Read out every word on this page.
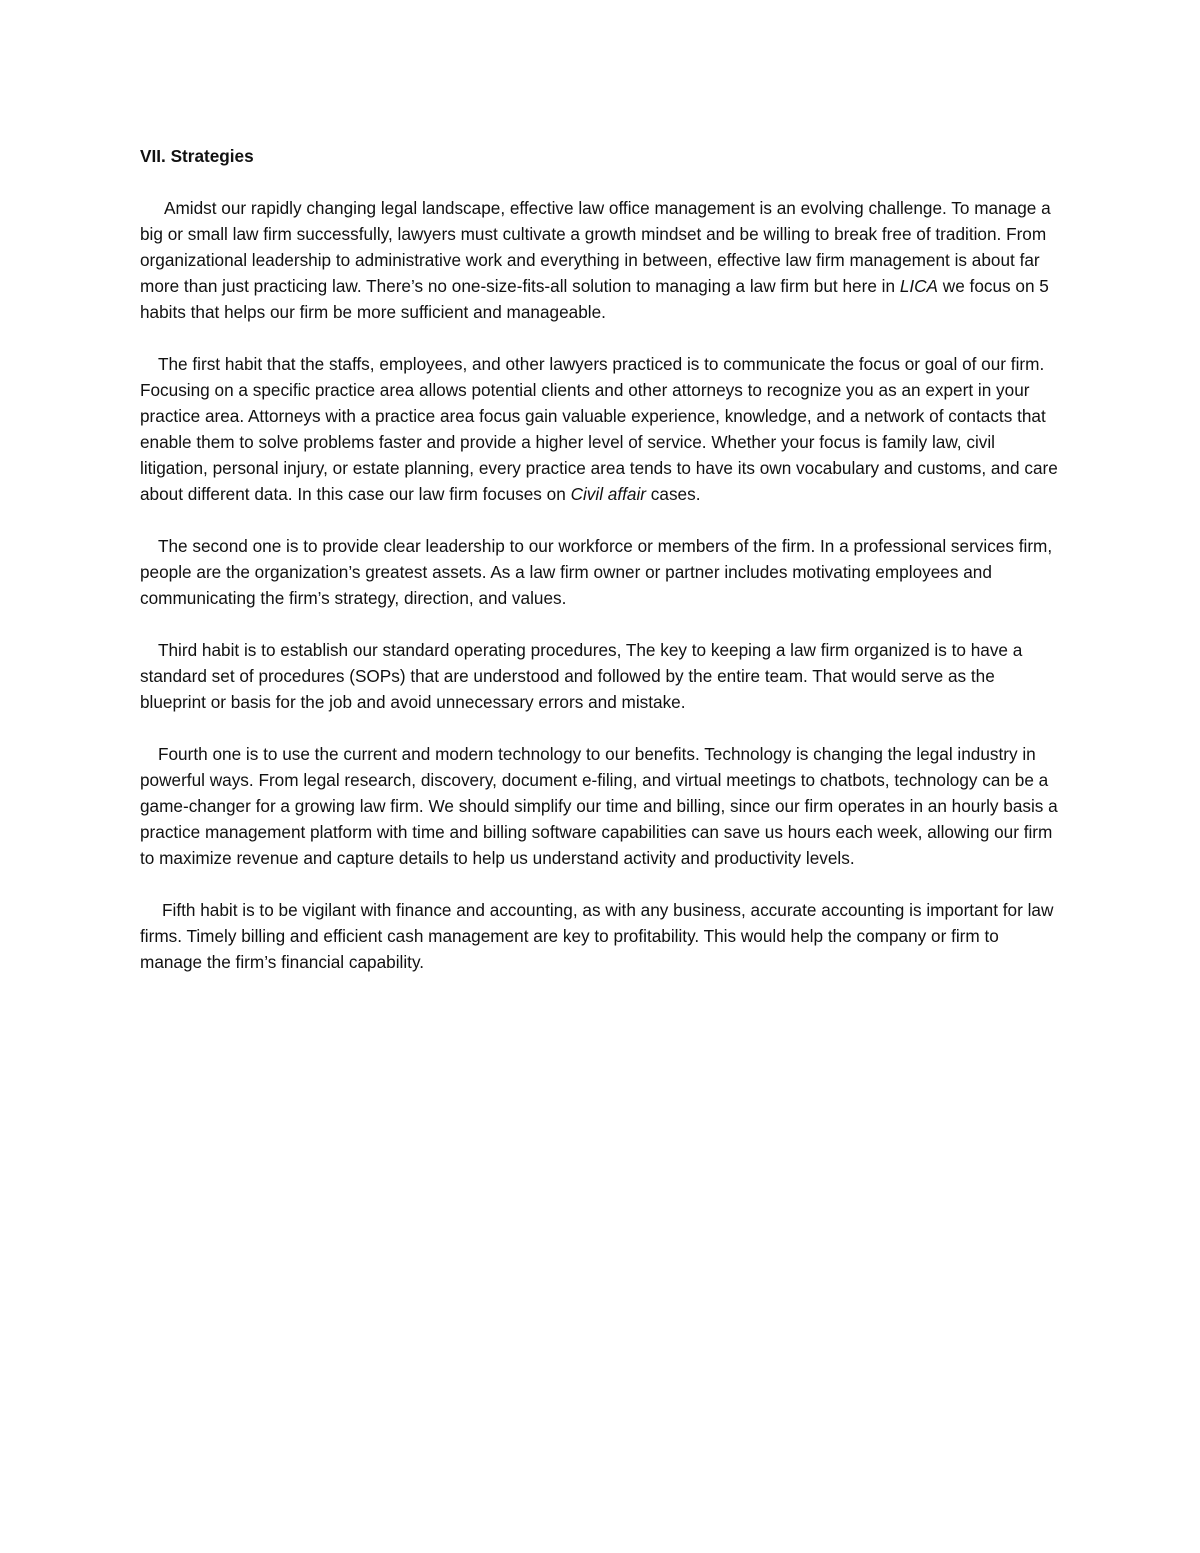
VII. Strategies

Amidst our rapidly changing legal landscape, effective law office management is an evolving challenge. To manage a big or small law firm successfully, lawyers must cultivate a growth mindset and be willing to break free of tradition. From organizational leadership to administrative work and everything in between, effective law firm management is about far more than just practicing law. There’s no one-size-fits-all solution to managing a law firm but here in LICA we focus on 5 habits that helps our firm be more sufficient and manageable.

The first habit that the staffs, employees, and other lawyers practiced is to communicate the focus or goal of our firm. Focusing on a specific practice area allows potential clients and other attorneys to recognize you as an expert in your practice area. Attorneys with a practice area focus gain valuable experience, knowledge, and a network of contacts that enable them to solve problems faster and provide a higher level of service. Whether your focus is family law, civil litigation, personal injury, or estate planning, every practice area tends to have its own vocabulary and customs, and care about different data. In this case our law firm focuses on Civil affair cases.

The second one is to provide clear leadership to our workforce or members of the firm. In a professional services firm, people are the organization’s greatest assets. As a law firm owner or partner includes motivating employees and communicating the firm’s strategy, direction, and values.

Third habit is to establish our standard operating procedures, The key to keeping a law firm organized is to have a standard set of procedures (SOPs) that are understood and followed by the entire team. That would serve as the blueprint or basis for the job and avoid unnecessary errors and mistake.

Fourth one is to use the current and modern technology to our benefits. Technology is changing the legal industry in powerful ways. From legal research, discovery, document e-filing, and virtual meetings to chatbots, technology can be a game-changer for a growing law firm. We should simplify our time and billing, since our firm operates in an hourly basis a practice management platform with time and billing software capabilities can save us hours each week, allowing our firm to maximize revenue and capture details to help us understand activity and productivity levels.

Fifth habit is to be vigilant with finance and accounting, as with any business, accurate accounting is important for law firms. Timely billing and efficient cash management are key to profitability. This would help the company or firm to manage the firm’s financial capability.
